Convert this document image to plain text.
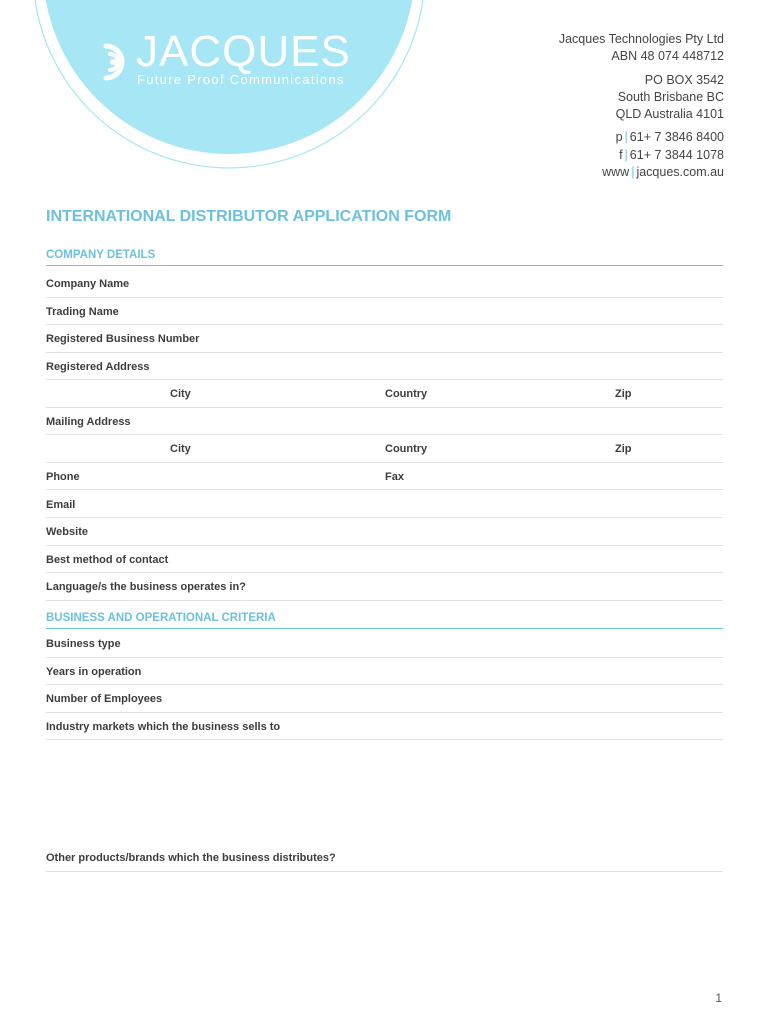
JACQUES
Future Proof Communications
Jacques Technologies Pty Ltd
ABN 48 074 448712
PO BOX 3542
South Brisbane BC
QLD Australia 4101
p | 61+ 7 3846 8400
f | 61+ 7 3844 1078
www | jacques.com.au
INTERNATIONAL DISTRIBUTOR APPLICATION FORM
COMPANY DETAILS
Company Name
Trading Name
Registered Business Number
Registered Address
City	Country	Zip
Mailing Address
City	Country	Zip
Phone	Fax
Email
Website
Best method of contact
Language/s the business operates in?
BUSINESS AND OPERATIONAL CRITERIA
Business type
Years in operation
Number of Employees
Industry markets which the business sells to
Other products/brands which the business distributes?
1
